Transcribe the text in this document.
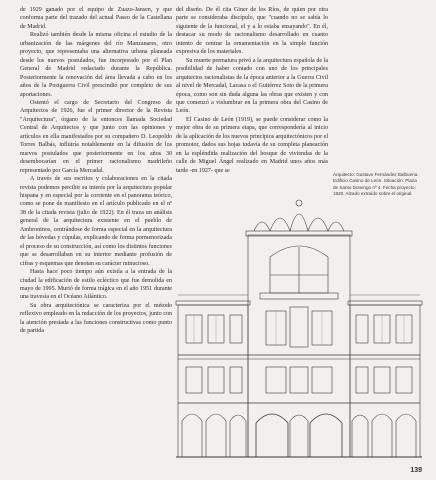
de 1929 ganado por el equipo de Zuazo-Jansen, y que conforma parte del trazado del actual Paseo de la Castellana de Madrid.

Realizó también desde la misma oficina el estudio de la urbanización de las márgenes del río Manzanares, otro proyecto, que representaba una alternativa urbana planeada desde los nuevos postulados, fue incorporado por el Plan General de Madrid redactado durante la República. Posteriormente la renovación del área llevada a cabo en los años de la Postguerra Civil prescindió por completo de sus aportaciones.

Ostentó el cargo de Secretario del Congreso de Arquitectos de 1926, fue el primer director de la Revista "Arquitectura", órgano de la entonces llamada Sociedad Central de Arquitectos y que junto con las opiniones y artículos en ella manifestados por su compañero D. Leopoldo Torres Balbás, influiría notablemente en la difusión de los nuevos postulados que posteriormente en los años 30 desembocarían en el primer racionalismo madrileño representado por García Mercadal.

A través de sus escritos y colaboraciones en la citada revista podemos percibir su interés por la arquitectura popular hispana y en especial por la corriente en el panorama teórico, como se pone de manifiesto en el artículo publicado en el nº 38 de la citada revista (julio de 1922). En él traza un análisis general de la arquitectura existente en el pueblo de Ambroninos, centrándose de forma especial en la arquitectura de las bóvedas y cúpulas, explicando de forma pormenorizada el proceso de su construcción, así como los distintos funciones que se desarrollaban en su interior mediante profusión de cifras y esquemas que denotan su carácter minucioso.

Hasta hace poco tiempo aún existía a la entrada de la ciudad la edificación de estilo ecléctico que fue demolida en mayo de 1995. Murió de forma trágica en el año 1951 durante una travesía en el Océano Atlántico.

Su obra arquitectónica se caracteriza por el método reflexivo empleado en la redacción de los proyectos, junto con la atención prestada a las funciones constructivas como punto de partida

del diseño. De él cita Giner de los Ríos, de quien por otra parte se consideraba discípulo, que "cuando no se sabía lo siguiente de la funcional, el y a lo estaba ensayando". En él, destacar su modo de racionalismo desarrollado en cuanto intento de centrar la ornamentación en la simple función expresiva de los materiales.

Su muerte prematura privó a la arquitectura española de la posibilidad de haber contado con uno de los principales arquitectos racionalistas de la época anterior a la Guerra Civil al nivel de Mercadal, Lacasa o el Gutiérrez Soto de la primera época, como son sin duda alguna las obras que existen y con que comenzó a vislumbrar en la primera obra del Casino de León.

El Casino de León (1919), se puede considerar como la mejor obra de su primera etapa, que correspondería al inicio de la aplicación de los nuevos principios arquitectónicos por el promotor, dados sus hojas todavía de su completa planeación en la espléndida realización del bosque de viviendas de la calle de Miguel Ángel realizado en Madrid unos años más tarde -en 1927- que se

Arquitecto: Gustavo Fernández Balbuena. Edificio Casino de León. Situación: Plaza de Santo Domingo nº 4. Fecha proyecto: 1920. Alzado extraído sobre el original.
139
